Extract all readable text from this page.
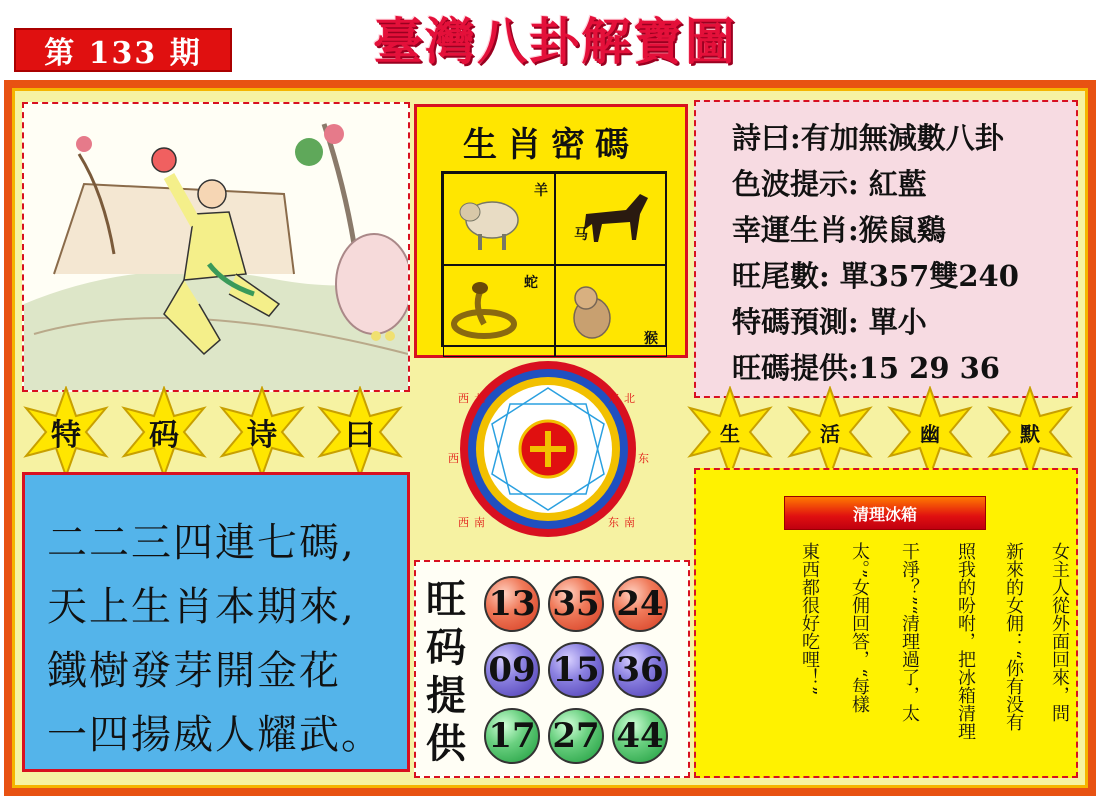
第 133 期	臺灣八卦解寶圖
生肖密碼
羊
马
蛇
猴
詩曰:有加無減數八卦
色波提示: 紅藍
幸運生肖:猴鼠鷄
旺尾數: 單357雙240
特碼預測: 單小
旺碼提供:15 29 36
特	码	诗	曰	生	活	幽	默
二二三四連七碼,
天上生肖本期來,
鐵樹發芽開金花
一四揚威人耀武。
西 北	东 北
西	东
西 南	东 南
旺码提供
13 35 24
09 15 36
17 27 44
清理冰箱
女主人從外面回來，問
新來的女佣：“你有没有
照我的吩咐，把冰箱清理
干淨？”“清理過了，太
太。”女佣回答，“每樣
東西都很好吃哩！”
